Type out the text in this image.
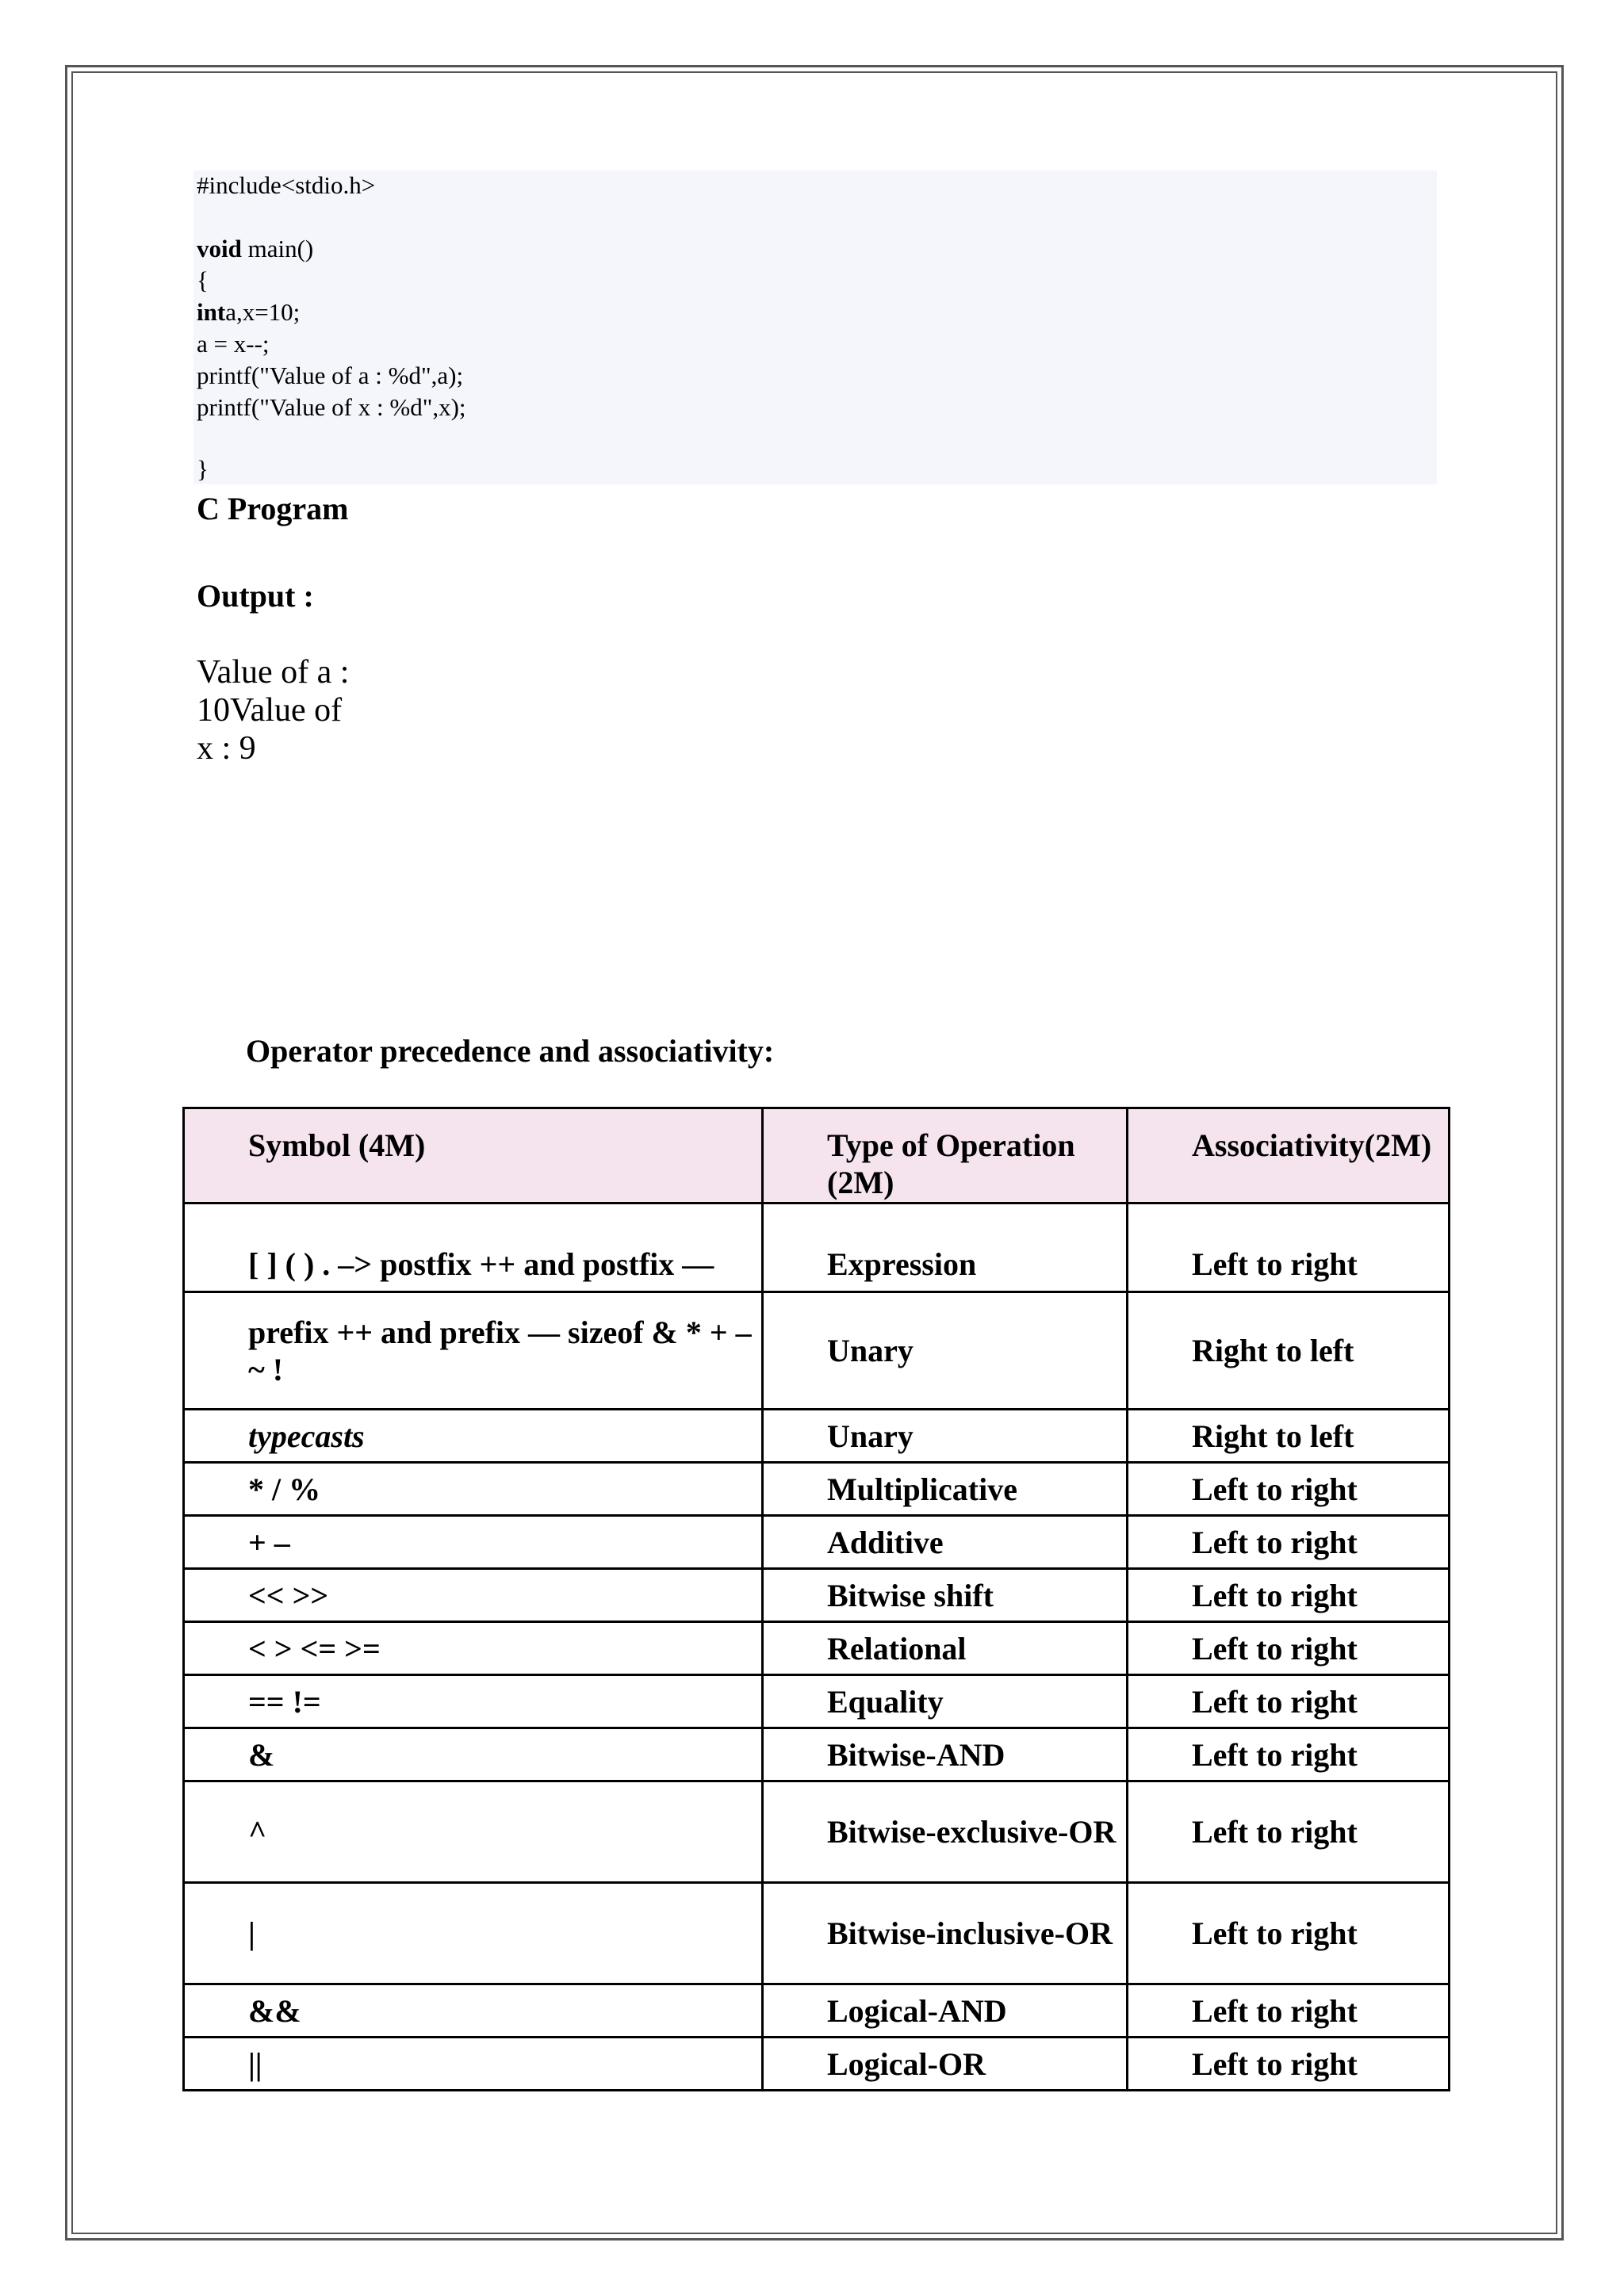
#include<stdio.h>
void main()
{
inta,x=10;
a = x--;
printf("Value of a : %d",a);
printf("Value of x : %d",x);
}
C Program
Output :
Value of a :
10Value of
x : 9
Operator precedence and associativity:
Symbol (4M)	Type of Operation (2M)	Associativity(2M)
[ ] ( ) . –> postfix ++ and postfix —	Expression	Left to right
prefix ++ and prefix — sizeof & * + – ~ !	Unary	Right to left
typecasts	Unary	Right to left
* / %	Multiplicative	Left to right
+ –	Additive	Left to right
<< >>	Bitwise shift	Left to right
< > <= >=	Relational	Left to right
== !=	Equality	Left to right
&	Bitwise-AND	Left to right
^	Bitwise-exclusive-OR	Left to right
|	Bitwise-inclusive-OR	Left to right
&&	Logical-AND	Left to right
||	Logical-OR	Left to right
